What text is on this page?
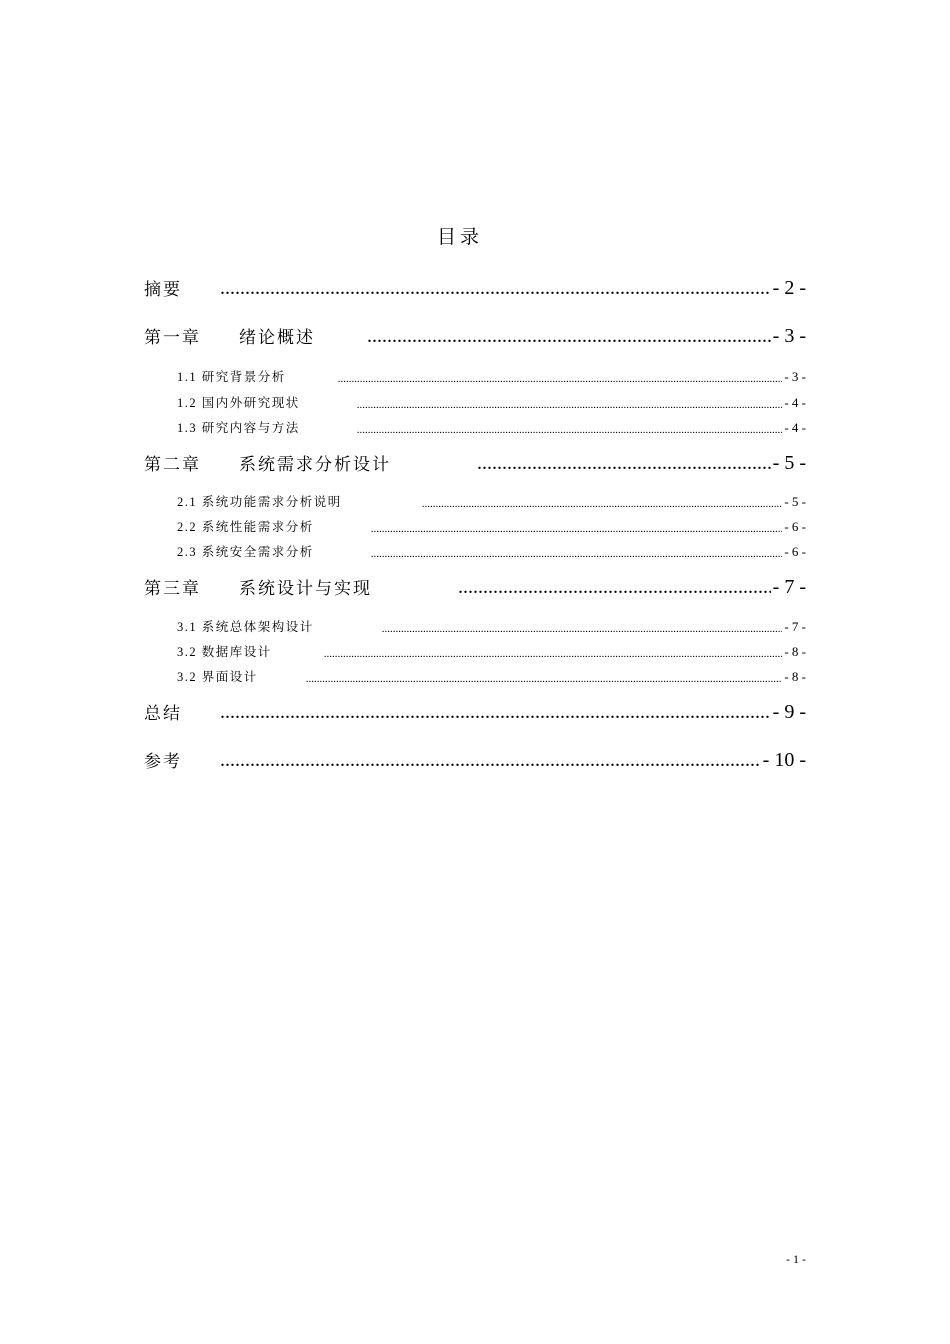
目录
摘要 .....	- 2 -
第一章　　绪论概述 .....	- 3 -
1.1 研究背景分析 .....	- 3 -
1.2 国内外研究现状 .....	- 4 -
1.3 研究内容与方法 .....	- 4 -
第二章　　系统需求分析设计 .....	- 5 -
2.1 系统功能需求分析说明 .....	- 5 -
2.2 系统性能需求分析 .....	- 6 -
2.3 系统安全需求分析 .....	- 6 -
第三章　　系统设计与实现 .....	- 7 -
3.1 系统总体架构设计 .....	- 7 -
3.2 数据库设计 .....	- 8 -
3.2 界面设计 .....	- 8 -
总结 .....	- 9 -
参考 .....	- 10 -
- 1 -
